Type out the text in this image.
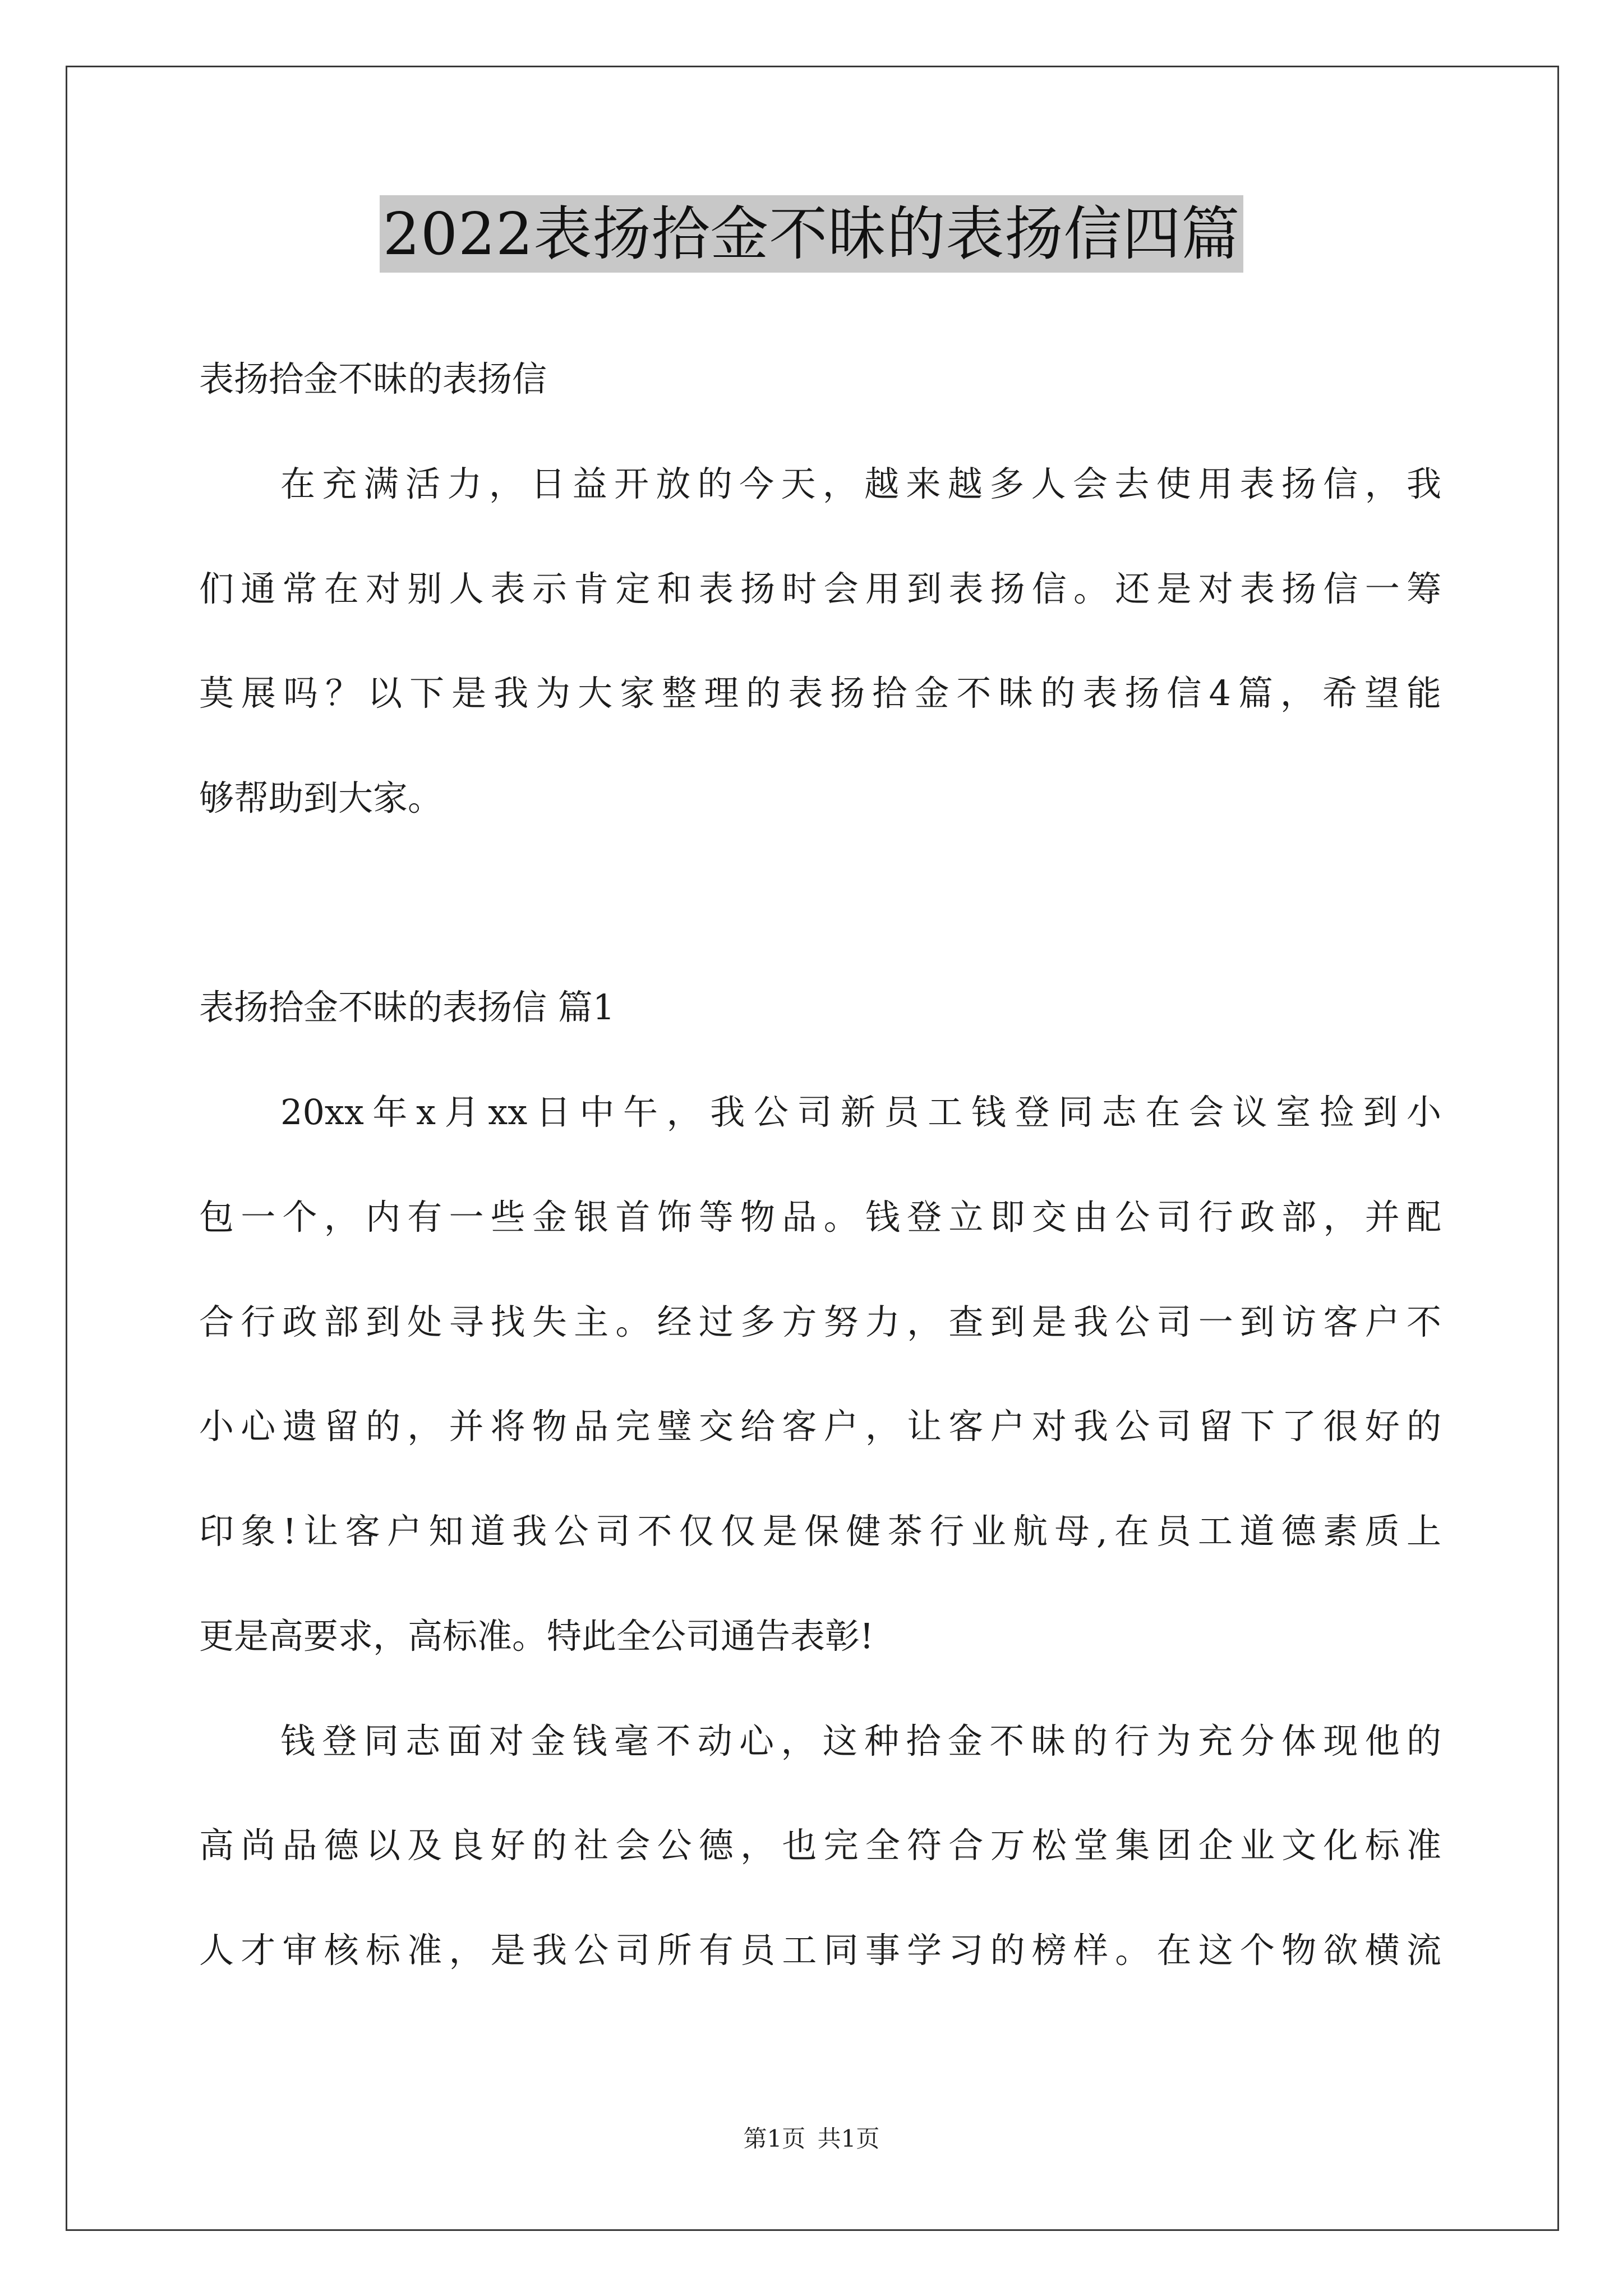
2022表扬拾金不昧的表扬信四篇
表扬拾金不昧的表扬信
在充满活力，日益开放的今天，越来越多人会去使用表扬信，我
们通常在对别人表示肯定和表扬时会用到表扬信。还是对表扬信一筹
莫展吗？以下是我为大家整理的表扬拾金不昧的表扬信4篇，希望能
够帮助到大家。
表扬拾金不昧的表扬信 篇1
20xx年x月xx日中午，我公司新员工钱登同志在会议室捡到小
包一个，内有一些金银首饰等物品。钱登立即交由公司行政部，并配
合行政部到处寻找失主。经过多方努力，查到是我公司一到访客户不
小心遗留的，并将物品完璧交给客户，让客户对我公司留下了很好的
印象!让客户知道我公司不仅仅是保健茶行业航母,在员工道德素质上
更是高要求，高标准。特此全公司通告表彰!
钱登同志面对金钱毫不动心，这种拾金不昧的行为充分体现他的
高尚品德以及良好的社会公德，也完全符合万松堂集团企业文化标准
人才审核标准，是我公司所有员工同事学习的榜样。在这个物欲横流
第1页 共1页
